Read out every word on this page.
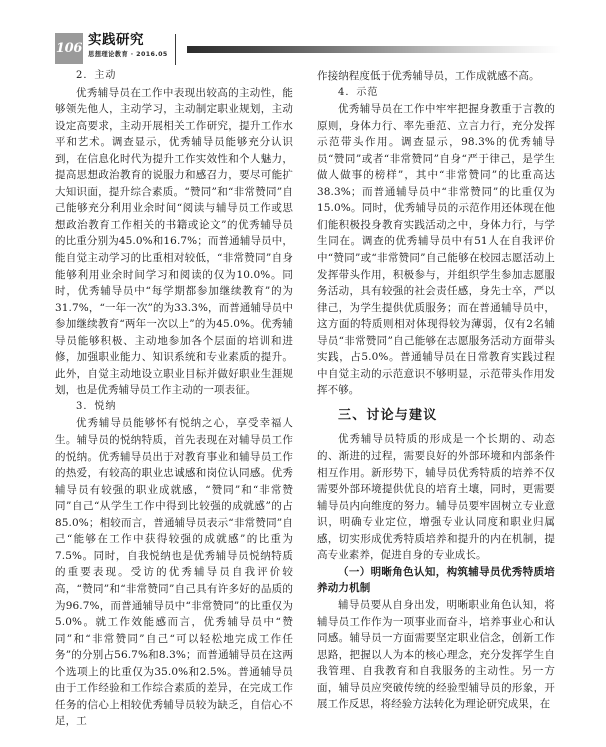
106
实践研究
思想理论教育 · 2016.05

2．主动

优秀辅导员在工作中表现出较高的主动性，能够领先他人，主动学习，主动制定职业规划，主动设定高要求，主动开展相关工作研究，提升工作水平和艺术。调查显示，优秀辅导员能够充分认识到，在信息化时代为提升工作实效性和个人魅力，提高思想政治教育的说服力和感召力，要尽可能扩大知识面，提升综合素质。“赞同”和“非常赞同”自己能够充分利用业余时间“阅读与辅导员工作或思想政治教育工作相关的书籍或论文”的优秀辅导员的比重分别为45.0%和16.7%；而普通辅导员中，能自觉主动学习的比重相对较低，“非常赞同”自身能够利用业余时间学习和阅读的仅为10.0%。同时，优秀辅导员中“每学期都参加继续教育”的为31.7%，“一年一次”的为33.3%，而普通辅导员中参加继续教育“两年一次以上”的为45.0%。优秀辅导员能够积极、主动地参加各个层面的培训和进修，加强职业能力、知识系统和专业素质的提升。此外，自觉主动地设立职业目标并做好职业生涯规划，也是优秀辅导员工作主动的一项表征。

3．悦纳

优秀辅导员能够怀有悦纳之心，享受幸福人生。辅导员的悦纳特质，首先表现在对辅导员工作的悦纳。优秀辅导员出于对教育事业和辅导员工作的热爱，有较高的职业忠诚感和岗位认同感。优秀辅导员有较强的职业成就感，“赞同”和“非常赞同”自己“从学生工作中得到比较强的成就感”的占85.0%；相较而言，普通辅导员表示“非常赞同”自己“能够在工作中获得较强的成就感”的比重为7.5%。同时，自我悦纳也是优秀辅导员悦纳特质的重要表现。受访的优秀辅导员自我评价较高，“赞同”和“非常赞同”自己具有许多好的品质的为96.7%，而普通辅导员中“非常赞同”的比重仅为5.0%。就工作效能感而言，优秀辅导员中“赞同”和“非常赞同”自己“可以轻松地完成工作任务”的分别占56.7%和8.3%；而普通辅导员在这两个选项上的比重仅为35.0%和2.5%。普通辅导员由于工作经验和工作综合素质的差异，在完成工作任务的信心上相较优秀辅导员较为缺乏，自信心不足，工

作接纳程度低于优秀辅导员，工作成就感不高。

4．示范

优秀辅导员在工作中牢牢把握身教重于言教的原则，身体力行、率先垂范、立言力行，充分发挥示范带头作用。调查显示，98.3%的优秀辅导员“赞同”或者“非常赞同”自身“严于律己，是学生做人做事的榜样”，其中“非常赞同”的比重高达38.3%；而普通辅导员中“非常赞同”的比重仅为15.0%。同时，优秀辅导员的示范作用还体现在他们能积极投身教育实践活动之中，身体力行，与学生同在。调查的优秀辅导员中有51人在自我评价中“赞同”或“非常赞同”自己能够在校园志愿活动上发挥带头作用，积极参与，并组织学生参加志愿服务活动，具有较强的社会责任感，身先士卒，严以律己，为学生提供优质服务；而在普通辅导员中，这方面的特质则相对体现得较为薄弱，仅有2名辅导员“非常赞同”自己能够在志愿服务活动方面带头实践，占5.0%。普通辅导员在日常教育实践过程中自觉主动的示范意识不够明显，示范带头作用发挥不够。

三、讨论与建议

优秀辅导员特质的形成是一个长期的、动态的、渐进的过程，需要良好的外部环境和内部条件相互作用。新形势下，辅导员优秀特质的培养不仅需要外部环境提供优良的培育土壤，同时，更需要辅导员内向维度的努力。辅导员要牢固树立专业意识，明确专业定位，增强专业认同度和职业归属感，切实形成优秀特质培养和提升的内在机制，提高专业素养，促进自身的专业成长。

（一）明晰角色认知，构筑辅导员优秀特质培养动力机制

辅导员要从自身出发，明晰职业角色认知，将辅导员工作作为一项事业而奋斗，培养事业心和认同感。辅导员一方面需要坚定职业信念，创新工作思路，把握以人为本的核心理念，充分发挥学生自我管理、自我教育和自我服务的主动性。另一方面，辅导员应突破传统的经验型辅导员的形象，开展工作反思，将经验方法转化为理论研究成果，在
